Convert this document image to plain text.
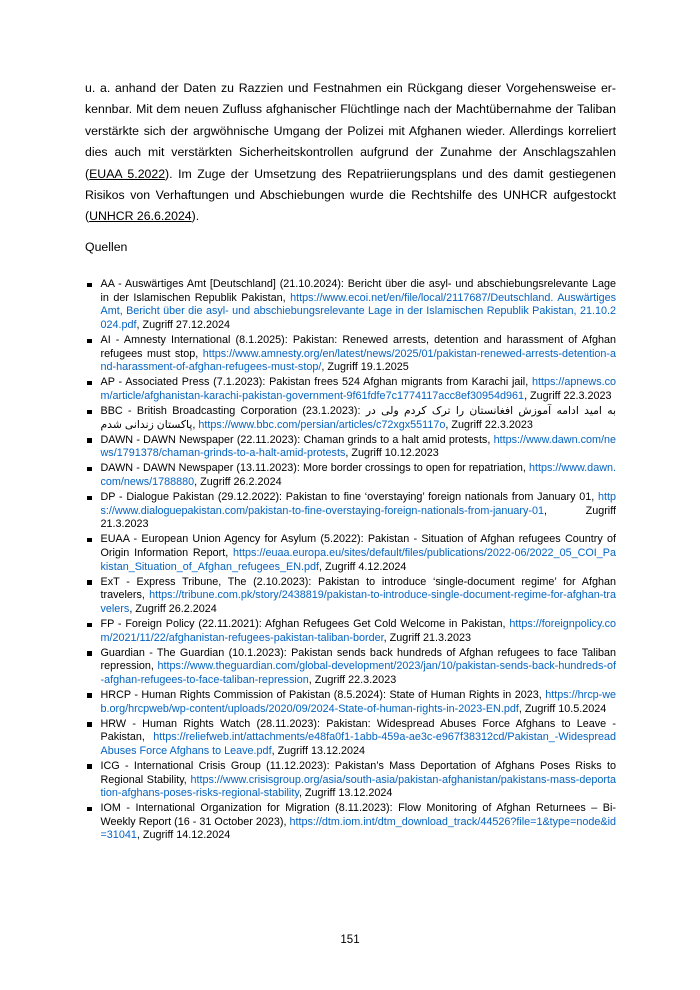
u. a. anhand der Daten zu Razzien und Festnahmen ein Rückgang dieser Vorgehensweise erkennbar. Mit dem neuen Zufluss afghanischer Flüchtlinge nach der Machtübernahme der Taliban verstärkte sich der argwöhnische Umgang der Polizei mit Afghanen wieder. Allerdings korreliert dies auch mit verstärkten Sicherheitskontrollen aufgrund der Zunahme der Anschlagszahlen (EUAA 5.2022). Im Zuge der Umsetzung des Repatriierungsplans und des damit gestiegenen Risikos von Verhaftungen und Abschiebungen wurde die Rechtshilfe des UNHCR aufgestockt (UNHCR 26.6.2024).

Quellen

AA - Auswärtiges Amt [Deutschland] (21.10.2024): Bericht über die asyl- und abschiebungsrelevante Lage in der Islamischen Republik Pakistan, https://www.ecoi.net/en/file/local/2117687/Deutschland. Auswärtiges Amt, Bericht über die asyl- und abschiebungsrelevante Lage in der Islamischen Republik Pakistan, 21.10.2024.pdf, Zugriff 27.12.2024
AI - Amnesty International (8.1.2025): Pakistan: Renewed arrests, detention and harassment of Afghan refugees must stop, https://www.amnesty.org/en/latest/news/2025/01/pakistan-renewed-arrests-detention-and-harassment-of-afghan-refugees-must-stop/, Zugriff 19.1.2025
AP - Associated Press (7.1.2023): Pakistan frees 524 Afghan migrants from Karachi jail, https://apnews.com/article/afghanistan-karachi-pakistan-government-9f61fdfe7c1774117acc8ef30954d961, Zugriff 22.3.2023
BBC - British Broadcasting Corporation (23.1.2023): به امید ادامه آموزش افغانستان را ترک کردم ولی در پاکستان زندانی شدم, https://www.bbc.com/persian/articles/c72xgx55117o, Zugriff 22.3.2023
DAWN - DAWN Newspaper (22.11.2023): Chaman grinds to a halt amid protests, https://www.dawn.com/news/1791378/chaman-grinds-to-a-halt-amid-protests, Zugriff 10.12.2023
DAWN - DAWN Newspaper (13.11.2023): More border crossings to open for repatriation, https://www.dawn.com/news/1788880, Zugriff 26.2.2024
DP - Dialogue Pakistan (29.12.2022): Pakistan to fine ‘overstaying’ foreign nationals from January 01, https://www.dialoguepakistan.com/pakistan-to-fine-overstaying-foreign-nationals-from-january-01, Zugriff 21.3.2023
EUAA - European Union Agency for Asylum (5.2022): Pakistan - Situation of Afghan refugees Country of Origin Information Report, https://euaa.europa.eu/sites/default/files/publications/2022-06/2022_05_COI_Pakistan_Situation_of_Afghan_refugees_EN.pdf, Zugriff 4.12.2024
ExT - Express Tribune, The (2.10.2023): Pakistan to introduce ‘single-document regime’ for Afghan travelers, https://tribune.com.pk/story/2438819/pakistan-to-introduce-single-document-regime-for-afghan-travelers, Zugriff 26.2.2024
FP - Foreign Policy (22.11.2021): Afghan Refugees Get Cold Welcome in Pakistan, https://foreignpolicy.com/2021/11/22/afghanistan-refugees-pakistan-taliban-border, Zugriff 21.3.2023
Guardian - The Guardian (10.1.2023): Pakistan sends back hundreds of Afghan refugees to face Taliban repression, https://www.theguardian.com/global-development/2023/jan/10/pakistan-sends-back-hundreds-of-afghan-refugees-to-face-taliban-repression, Zugriff 22.3.2023
HRCP - Human Rights Commission of Pakistan (8.5.2024): State of Human Rights in 2023, https://hrcp-web.org/hrcpweb/wp-content/uploads/2020/09/2024-State-of-human-rights-in-2023-EN.pdf, Zugriff 10.5.2024
HRW - Human Rights Watch (28.11.2023): Pakistan: Widespread Abuses Force Afghans to Leave - Pakistan, https://reliefweb.int/attachments/e48fa0f1-1abb-459a-ae3c-e967f38312cd/Pakistan_-Widespread Abuses Force Afghans to Leave.pdf, Zugriff 13.12.2024
ICG - International Crisis Group (11.12.2023): Pakistan’s Mass Deportation of Afghans Poses Risks to Regional Stability, https://www.crisisgroup.org/asia/south-asia/pakistan-afghanistan/pakistans-mass-deportation-afghans-poses-risks-regional-stability, Zugriff 13.12.2024
IOM - International Organization for Migration (8.11.2023): Flow Monitoring of Afghan Returnees – Bi-Weekly Report (16 - 31 October 2023), https://dtm.iom.int/dtm_download_track/44526?file=1&type=node&id=31041, Zugriff 14.12.2024
151
